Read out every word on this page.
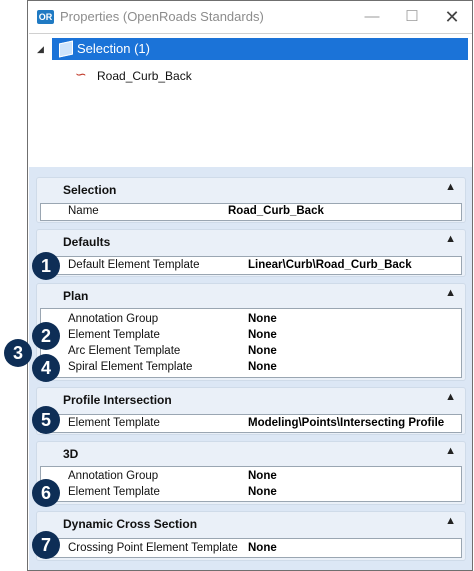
OR Properties (OpenRoads Standards)	—	☐	✕
◢	Selection (1)
∽ Road_Curb_Back
Selection	▲
Name	Road_Curb_Back
Defaults	▲
Default Element Template	Linear\Curb\Road_Curb_Back
Plan	▲
Annotation Group	None
Element Template	None
Arc Element Template	None
Spiral Element Template	None
Profile Intersection	▲
Element Template	Modeling\Points\Intersecting Profile
3D	▲
Annotation Group	None
Element Template	None
Dynamic Cross Section	▲
Crossing Point Element Template None
1
2
3
4
5
6
7
